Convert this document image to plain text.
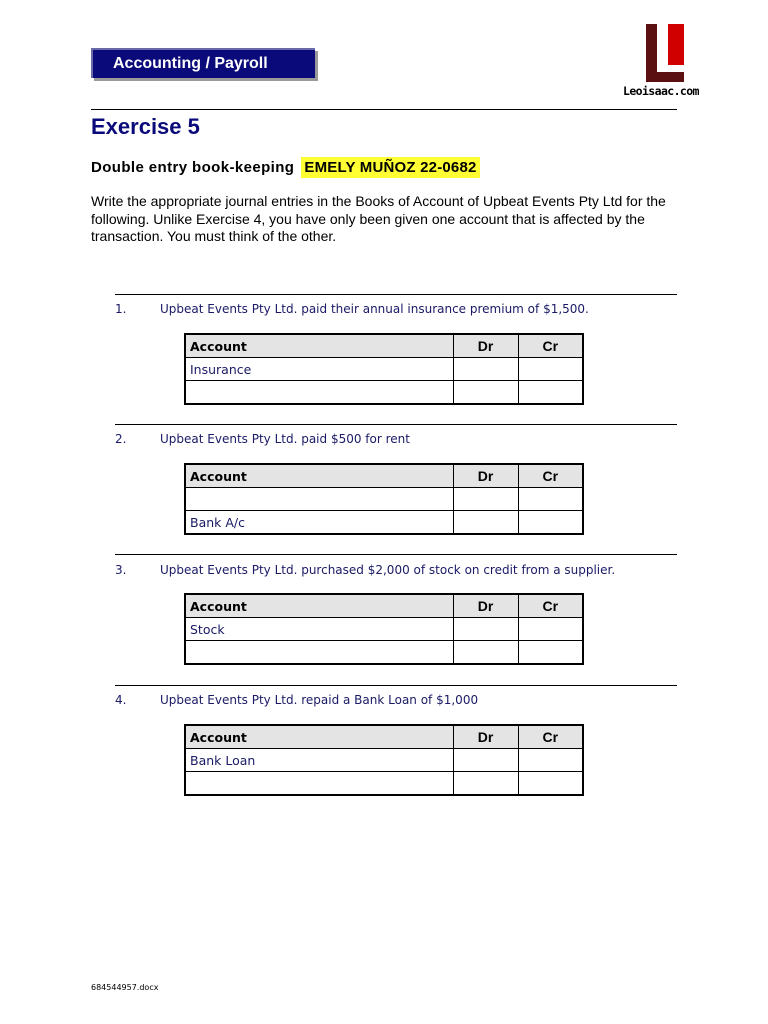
Accounting / Payroll
Leoisaac.com
Exercise 5
Double entry book-keeping EMELY MUÑOZ 22-0682

Write the appropriate journal entries in the Books of Account of Upbeat Events Pty Ltd for the following. Unlike Exercise 4, you have only been given one account that is affected by the transaction. You must think of the other.

1.	Upbeat Events Pty Ltd. paid their annual insurance premium of $1,500.
Account	Dr	Cr
Insurance		

2.	Upbeat Events Pty Ltd. paid $500 for rent
Account	Dr	Cr

Bank A/c		
3.	Upbeat Events Pty Ltd. purchased $2,000 of stock on credit from a supplier.
Account	Dr	Cr
Stock		

4.	Upbeat Events Pty Ltd. repaid a Bank Loan of $1,000
Account	Dr	Cr
Bank Loan		

684544957.docx
